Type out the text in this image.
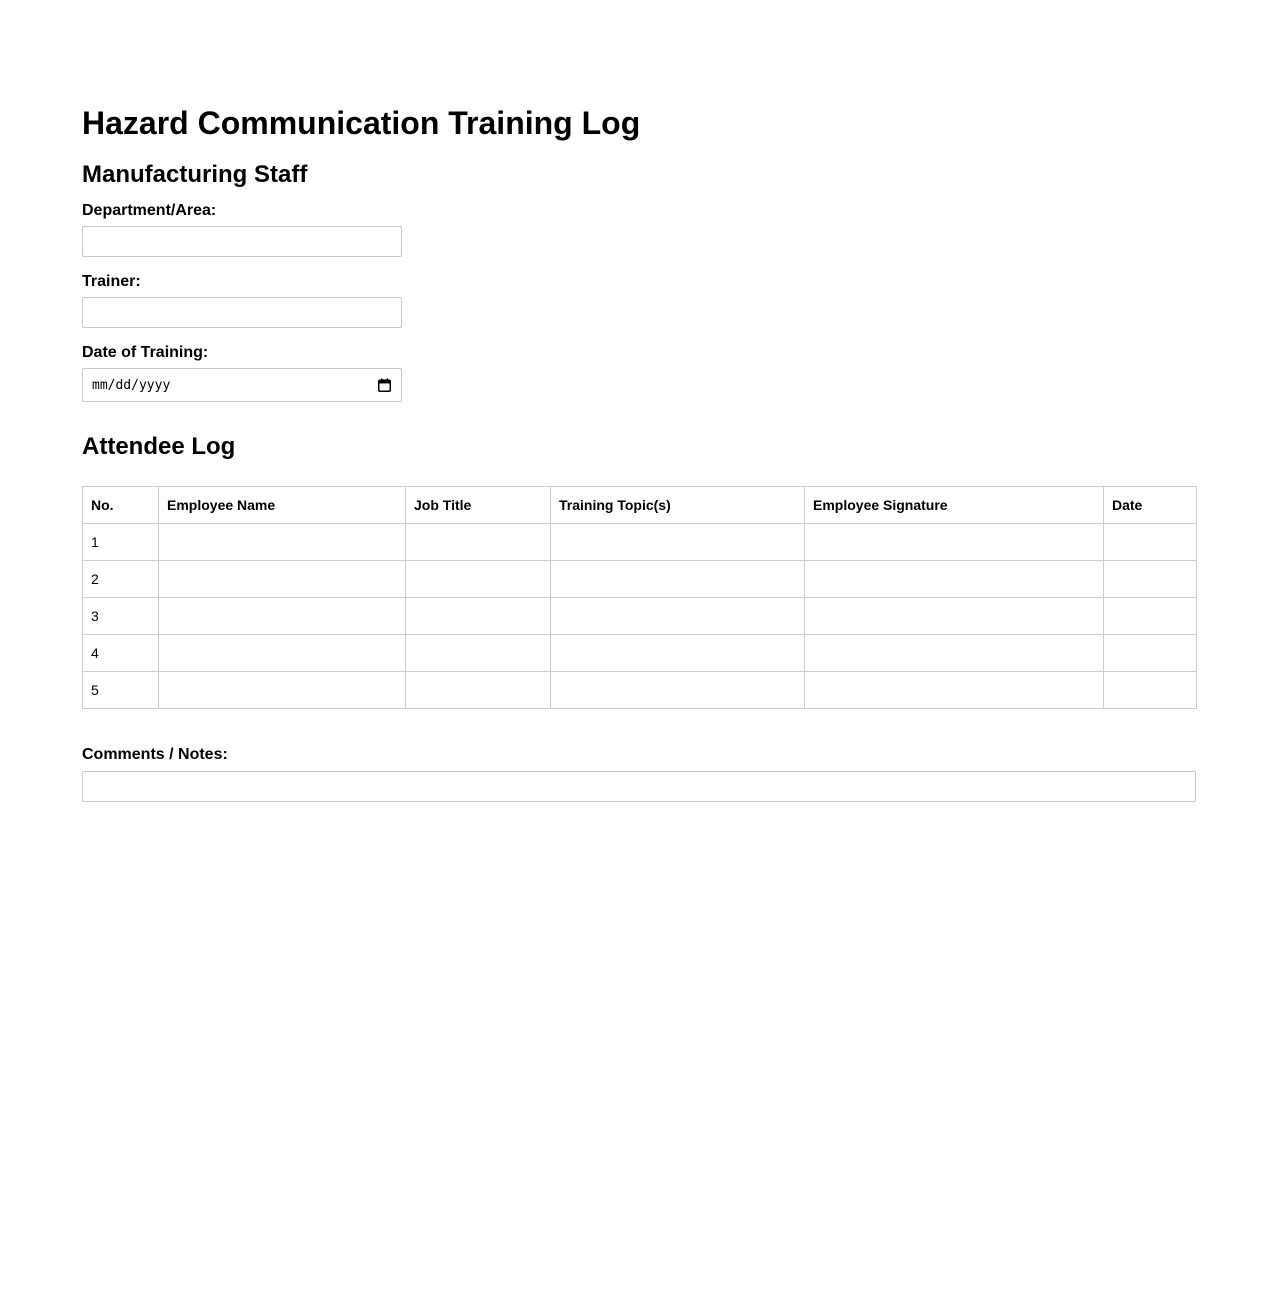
Hazard Communication Training Log
Manufacturing Staff
Department/Area:
Trainer:
Date of Training:
mm/dd/yyyy
Attendee Log
No.	Employee Name	Job Title	Training Topic(s)	Employee Signature	Date
1					
2					
3					
4					
5					
Comments / Notes:
